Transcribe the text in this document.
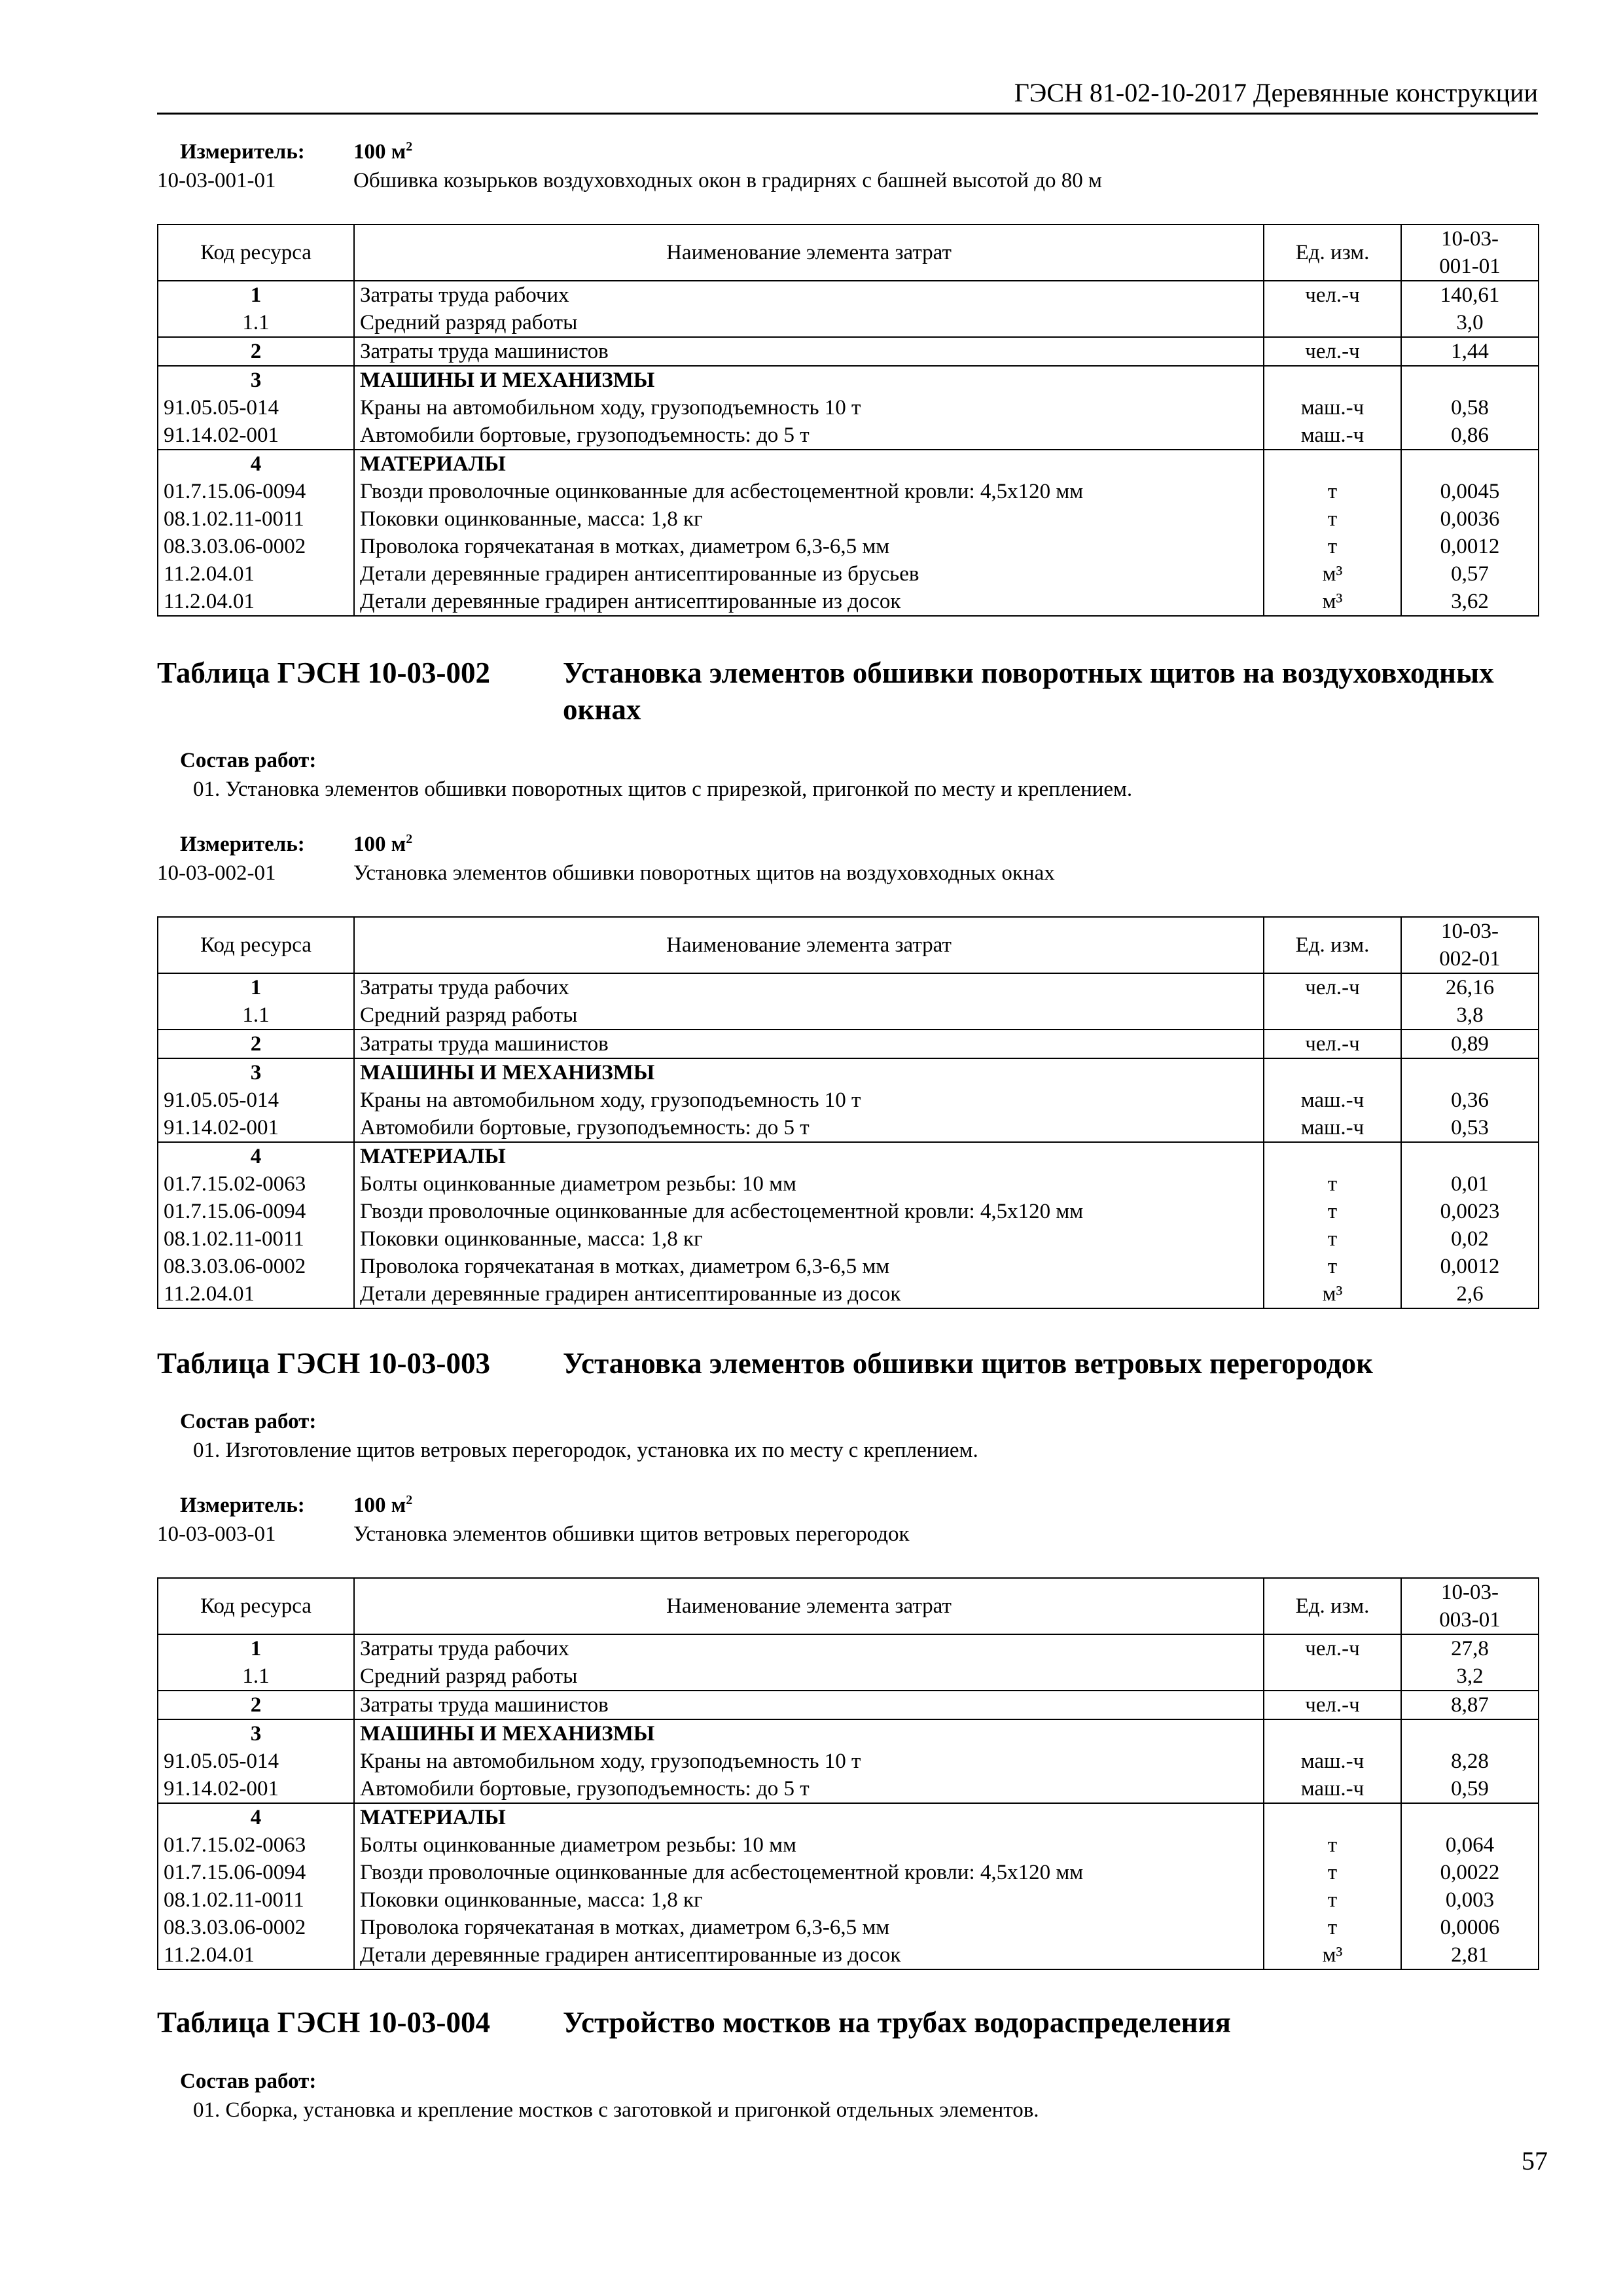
ГЭСН 81-02-10-2017 Деревянные конструкции
Измеритель:	100 $м^2$
10-03-001-01	Обшивка козырьков воздуховходных окон в градирнях с башней высотой до 80 м
Код ресурса	Наименование элемента затрат	Ед. изм.	10-03-
001-01

1	Затраты труда рабочих	чел.-ч	140,61
1.1	Средний разряд работы		3,0
2	Затраты труда машинистов	чел.-ч	1,44
3	МАШИНЫ И МЕХАНИЗМЫ		
91.05.05-014	Краны на автомобильном ходу, грузоподъемность 10 т	маш.-ч	0,58
91.14.02-001	Автомобили бортовые, грузоподъемность: до 5 т	маш.-ч	0,86
4	МАТЕРИАЛЫ		
01.7.15.06-0094	Гвозди проволочные оцинкованные для асбестоцементной кровли: 4,5х120 мм	т	0,0045
08.1.02.11-0011	Поковки оцинкованные, масса: 1,8 кг	т	0,0036
08.3.03.06-0002	Проволока горячекатаная в мотках, диаметром 6,3-6,5 мм	т	0,0012
11.2.04.01	Детали деревянные градирен антисептированные из брусьев	м³	0,57
11.2.04.01	Детали деревянные градирен антисептированные из досок	м³	3,62
Таблица ГЭСН 10-03-002	Установка элементов обшивки поворотных щитов на воздуховходных окнах
Состав работ:
01. Установка элементов обшивки поворотных щитов с прирезкой, пригонкой по месту и креплением.
Измеритель:	100 $м^2$
10-03-002-01	Установка элементов обшивки поворотных щитов на воздуховходных окнах
Код ресурса	Наименование элемента затрат	Ед. изм.	10-03-
002-01

1	Затраты труда рабочих	чел.-ч	26,16
1.1	Средний разряд работы		3,8
2	Затраты труда машинистов	чел.-ч	0,89
3	МАШИНЫ И МЕХАНИЗМЫ		
91.05.05-014	Краны на автомобильном ходу, грузоподъемность 10 т	маш.-ч	0,36
91.14.02-001	Автомобили бортовые, грузоподъемность: до 5 т	маш.-ч	0,53
4	МАТЕРИАЛЫ		
01.7.15.02-0063	Болты оцинкованные диаметром резьбы: 10 мм	т	0,01
01.7.15.06-0094	Гвозди проволочные оцинкованные для асбестоцементной кровли: 4,5х120 мм	т	0,0023
08.1.02.11-0011	Поковки оцинкованные, масса: 1,8 кг	т	0,02
08.3.03.06-0002	Проволока горячекатаная в мотках, диаметром 6,3-6,5 мм	т	0,0012
11.2.04.01	Детали деревянные градирен антисептированные из досок	м³	2,6
Таблица ГЭСН 10-03-003	Установка элементов обшивки щитов ветровых перегородок
Состав работ:
01. Изготовление щитов ветровых перегородок, установка их по месту с креплением.
Измеритель:	100 $м^2$
10-03-003-01	Установка элементов обшивки щитов ветровых перегородок
Код ресурса	Наименование элемента затрат	Ед. изм.	10-03-
003-01

1	Затраты труда рабочих	чел.-ч	27,8
1.1	Средний разряд работы		3,2
2	Затраты труда машинистов	чел.-ч	8,87
3	МАШИНЫ И МЕХАНИЗМЫ		
91.05.05-014	Краны на автомобильном ходу, грузоподъемность 10 т	маш.-ч	8,28
91.14.02-001	Автомобили бортовые, грузоподъемность: до 5 т	маш.-ч	0,59
4	МАТЕРИАЛЫ		
01.7.15.02-0063	Болты оцинкованные диаметром резьбы: 10 мм	т	0,064
01.7.15.06-0094	Гвозди проволочные оцинкованные для асбестоцементной кровли: 4,5х120 мм	т	0,0022
08.1.02.11-0011	Поковки оцинкованные, масса: 1,8 кг	т	0,003
08.3.03.06-0002	Проволока горячекатаная в мотках, диаметром 6,3-6,5 мм	т	0,0006
11.2.04.01	Детали деревянные градирен антисептированные из досок	м³	2,81
Таблица ГЭСН 10-03-004	Устройство мостков на трубах водораспределения
Состав работ:
01. Сборка, установка и крепление мостков с заготовкой и пригонкой отдельных элементов.
57
